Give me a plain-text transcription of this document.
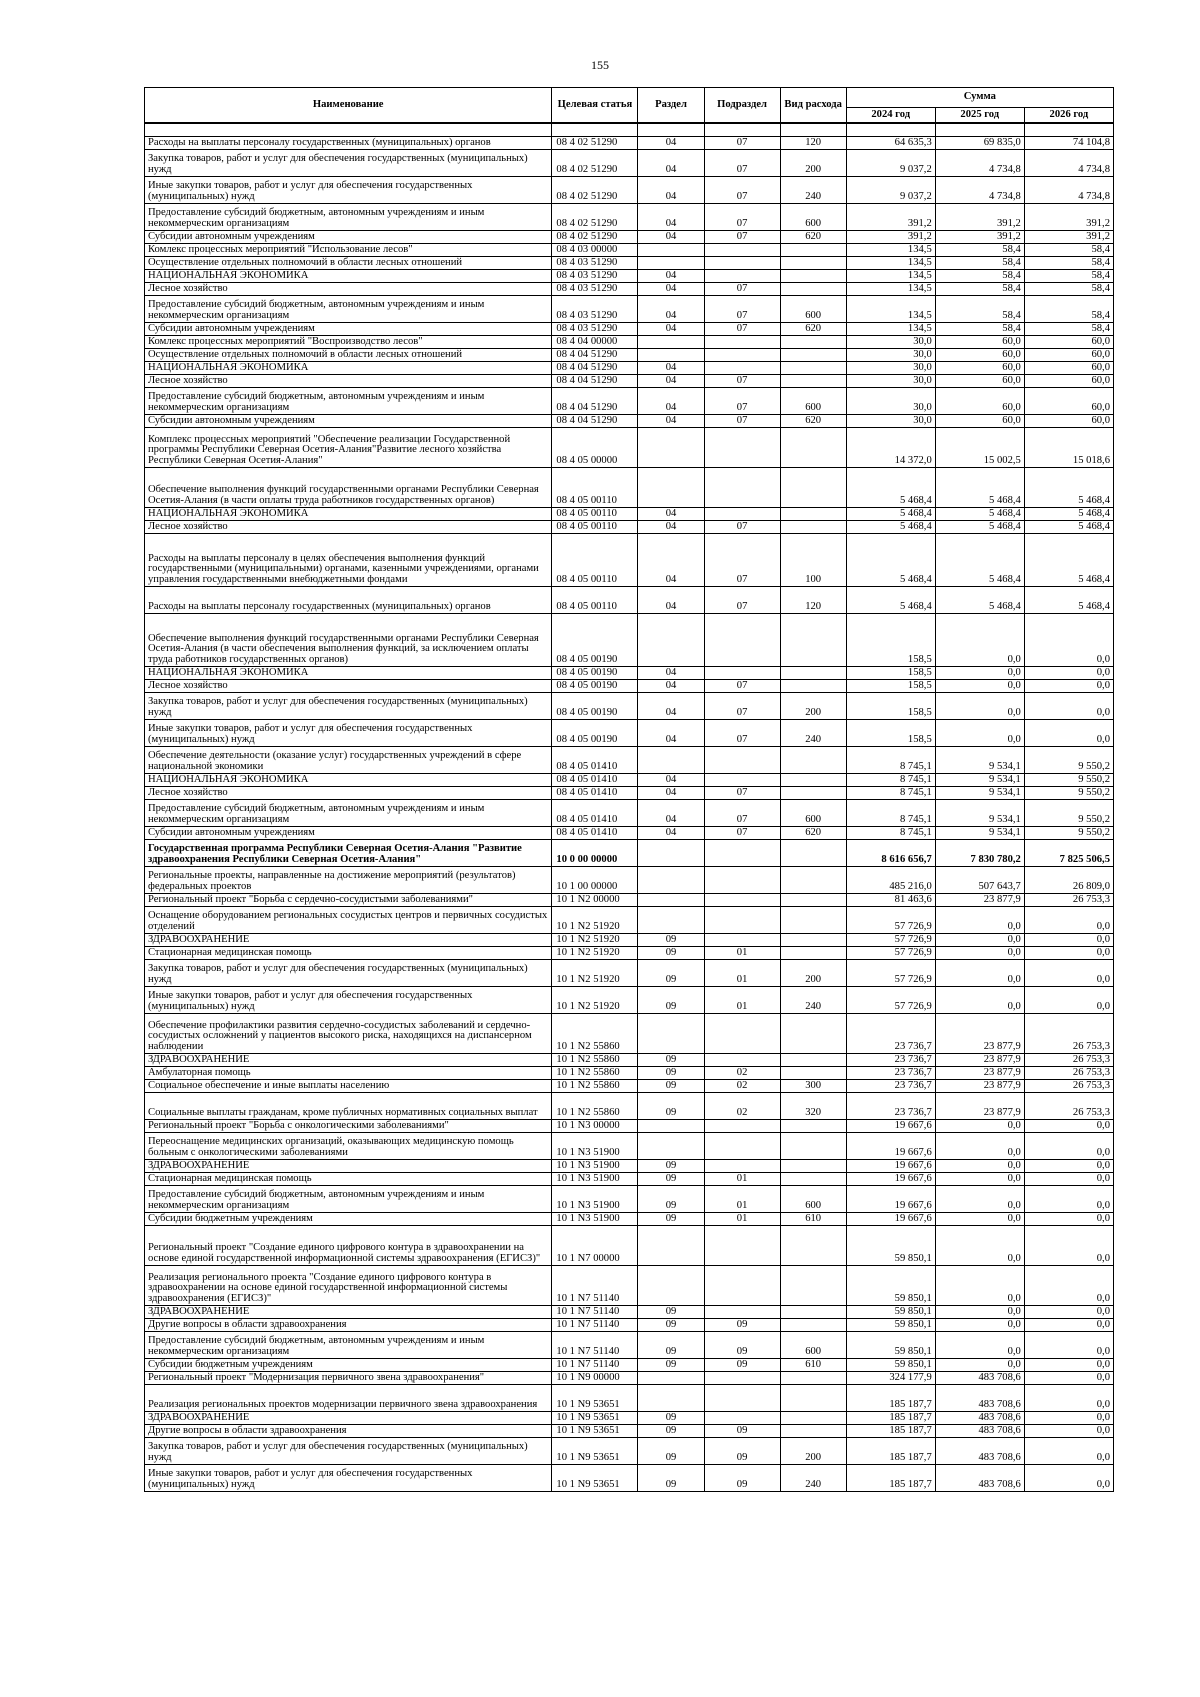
155
Наименование	Целевая статья	Раздел	Подраздел	Вид расхода	Сумма		
					2024 год	2025 год	2026 год

Расходы на выплаты персоналу государственных (муниципальных) органов	08 4 02 51290	04	07	120	64 635,3	69 835,0	74 104,8
Закупка товаров, работ и услуг для обеспечения государственных (муниципальных) нужд	08 4 02 51290	04	07	200	9 037,2	4 734,8	4 734,8
Иные закупки товаров, работ и услуг для обеспечения государственных (муниципальных) нужд	08 4 02 51290	04	07	240	9 037,2	4 734,8	4 734,8
Предоставление субсидий бюджетным, автономным учреждениям и иным некоммерческим организациям	08 4 02 51290	04	07	600	391,2	391,2	391,2
Субсидии автономным учреждениям	08 4 02 51290	04	07	620	391,2	391,2	391,2
Комлекс процессных мероприятий "Использование лесов"	08 4 03 00000				134,5	58,4	58,4
Осуществление отдельных полномочий в области лесных отношений	08 4 03 51290				134,5	58,4	58,4
НАЦИОНАЛЬНАЯ ЭКОНОМИКА	08 4 03 51290	04			134,5	58,4	58,4
Лесное хозяйство	08 4 03 51290	04	07		134,5	58,4	58,4
Предоставление субсидий бюджетным, автономным учреждениям и иным некоммерческим организациям	08 4 03 51290	04	07	600	134,5	58,4	58,4
Субсидии автономным учреждениям	08 4 03 51290	04	07	620	134,5	58,4	58,4
Комлекс процессных мероприятий "Воспроизводство лесов"	08 4 04 00000				30,0	60,0	60,0
Осуществление отдельных полномочий в области лесных отношений	08 4 04 51290				30,0	60,0	60,0
НАЦИОНАЛЬНАЯ ЭКОНОМИКА	08 4 04 51290	04			30,0	60,0	60,0
Лесное хозяйство	08 4 04 51290	04	07		30,0	60,0	60,0
Предоставление субсидий бюджетным, автономным учреждениям и иным некоммерческим организациям	08 4 04 51290	04	07	600	30,0	60,0	60,0
Субсидии автономным учреждениям	08 4 04 51290	04	07	620	30,0	60,0	60,0
Комплекс процессных мероприятий "Обеспечение реализации Государственной программы Республики Северная Осетия-Алания"Развитие лесного хозяйства Республики Северная Осетия-Алания"	08 4 05 00000				14 372,0	15 002,5	15 018,6
Обеспечение выполнения функций государственными органами Республики Северная Осетия-Алания (в части оплаты труда работников государственных органов)	08 4 05 00110				5 468,4	5 468,4	5 468,4
НАЦИОНАЛЬНАЯ ЭКОНОМИКА	08 4 05 00110	04			5 468,4	5 468,4	5 468,4
Лесное хозяйство	08 4 05 00110	04	07		5 468,4	5 468,4	5 468,4
Расходы на выплаты персоналу в целях обеспечения выполнения функций государственными (муниципальными) органами, казенными учреждениями, органами управления государственными внебюджетными фондами	08 4 05 00110	04	07	100	5 468,4	5 468,4	5 468,4
Расходы на выплаты персоналу государственных (муниципальных) органов	08 4 05 00110	04	07	120	5 468,4	5 468,4	5 468,4
Обеспечение выполнения функций государственными органами Республики Северная Осетия-Алания (в части обеспечения выполнения функций, за исключением оплаты труда работников государственных органов)	08 4 05 00190				158,5	0,0	0,0
НАЦИОНАЛЬНАЯ ЭКОНОМИКА	08 4 05 00190	04			158,5	0,0	0,0
Лесное хозяйство	08 4 05 00190	04	07		158,5	0,0	0,0
Закупка товаров, работ и услуг для обеспечения государственных (муниципальных) нужд	08 4 05 00190	04	07	200	158,5	0,0	0,0
Иные закупки товаров, работ и услуг для обеспечения государственных (муниципальных) нужд	08 4 05 00190	04	07	240	158,5	0,0	0,0
Обеспечение деятельности (оказание услуг) государственных учреждений в сфере национальной экономики	08 4 05 01410				8 745,1	9 534,1	9 550,2
НАЦИОНАЛЬНАЯ ЭКОНОМИКА	08 4 05 01410	04			8 745,1	9 534,1	9 550,2
Лесное хозяйство	08 4 05 01410	04	07		8 745,1	9 534,1	9 550,2
Предоставление субсидий бюджетным, автономным учреждениям и иным некоммерческим организациям	08 4 05 01410	04	07	600	8 745,1	9 534,1	9 550,2
Субсидии автономным учреждениям	08 4 05 01410	04	07	620	8 745,1	9 534,1	9 550,2
Государственная программа Республики Северная Осетия-Алания "Развитие здравоохранения Республики Северная Осетия-Алания"	10 0 00 00000				8 616 656,7	7 830 780,2	7 825 506,5
Региональные проекты, направленные на достижение мероприятий (результатов) федеральных проектов	10 1 00 00000				485 216,0	507 643,7	26 809,0
Региональный проект "Борьба с сердечно-сосудистыми заболеваниями"	10 1 N2 00000				81 463,6	23 877,9	26 753,3
Оснащение оборудованием региональных сосудистых центров и первичных сосудистых отделений	10 1 N2 51920				57 726,9	0,0	0,0
ЗДРАВООХРАНЕНИЕ	10 1 N2 51920	09			57 726,9	0,0	0,0
Стационарная медицинская помощь	10 1 N2 51920	09	01		57 726,9	0,0	0,0
Закупка товаров, работ и услуг для обеспечения государственных (муниципальных) нужд	10 1 N2 51920	09	01	200	57 726,9	0,0	0,0
Иные закупки товаров, работ и услуг для обеспечения государственных (муниципальных) нужд	10 1 N2 51920	09	01	240	57 726,9	0,0	0,0
Обеспечение профилактики развития сердечно-сосудистых заболеваний и сердечно-сосудистых осложнений у пациентов высокого риска, находящихся на диспансерном наблюдении	10 1 N2 55860				23 736,7	23 877,9	26 753,3
ЗДРАВООХРАНЕНИЕ	10 1 N2 55860	09			23 736,7	23 877,9	26 753,3
Амбулаторная помощь	10 1 N2 55860	09	02		23 736,7	23 877,9	26 753,3
Социальное обеспечение и иные выплаты населению	10 1 N2 55860	09	02	300	23 736,7	23 877,9	26 753,3
Социальные выплаты гражданам, кроме публичных нормативных социальных выплат	10 1 N2 55860	09	02	320	23 736,7	23 877,9	26 753,3
Региональный проект "Борьба с онкологическими заболеваниями"	10 1 N3 00000				19 667,6	0,0	0,0
Переоснащение медицинских организаций, оказывающих медицинскую помощь больным с онкологическими заболеваниями	10 1 N3 51900				19 667,6	0,0	0,0
ЗДРАВООХРАНЕНИЕ	10 1 N3 51900	09			19 667,6	0,0	0,0
Стационарная медицинская помощь	10 1 N3 51900	09	01		19 667,6	0,0	0,0
Предоставление субсидий бюджетным, автономным учреждениям и иным некоммерческим организациям	10 1 N3 51900	09	01	600	19 667,6	0,0	0,0
Субсидии бюджетным учреждениям	10 1 N3 51900	09	01	610	19 667,6	0,0	0,0
Региональный проект "Создание единого цифрового контура в здравоохранении на основе единой государственной информационной системы здравоохранения (ЕГИСЗ)"	10 1 N7 00000				59 850,1	0,0	0,0
Реализация регионального проекта "Создание единого цифрового контура в здравоохранении на основе единой государственной информационной системы здравоохранения (ЕГИСЗ)"	10 1 N7 51140				59 850,1	0,0	0,0
ЗДРАВООХРАНЕНИЕ	10 1 N7 51140	09			59 850,1	0,0	0,0
Другие вопросы в области здравоохранения	10 1 N7 51140	09	09		59 850,1	0,0	0,0
Предоставление субсидий бюджетным, автономным учреждениям и иным некоммерческим организациям	10 1 N7 51140	09	09	600	59 850,1	0,0	0,0
Субсидии бюджетным учреждениям	10 1 N7 51140	09	09	610	59 850,1	0,0	0,0
Региональный проект "Модернизация первичного звена здравоохранения"	10 1 N9 00000				324 177,9	483 708,6	0,0
Реализация региональных проектов модернизации первичного звена здравоохранения	10 1 N9 53651				185 187,7	483 708,6	0,0
ЗДРАВООХРАНЕНИЕ	10 1 N9 53651	09			185 187,7	483 708,6	0,0
Другие вопросы в области здравоохранения	10 1 N9 53651	09	09		185 187,7	483 708,6	0,0
Закупка товаров, работ и услуг для обеспечения государственных (муниципальных) нужд	10 1 N9 53651	09	09	200	185 187,7	483 708,6	0,0
Иные закупки товаров, работ и услуг для обеспечения государственных (муниципальных) нужд	10 1 N9 53651	09	09	240	185 187,7	483 708,6	0,0
